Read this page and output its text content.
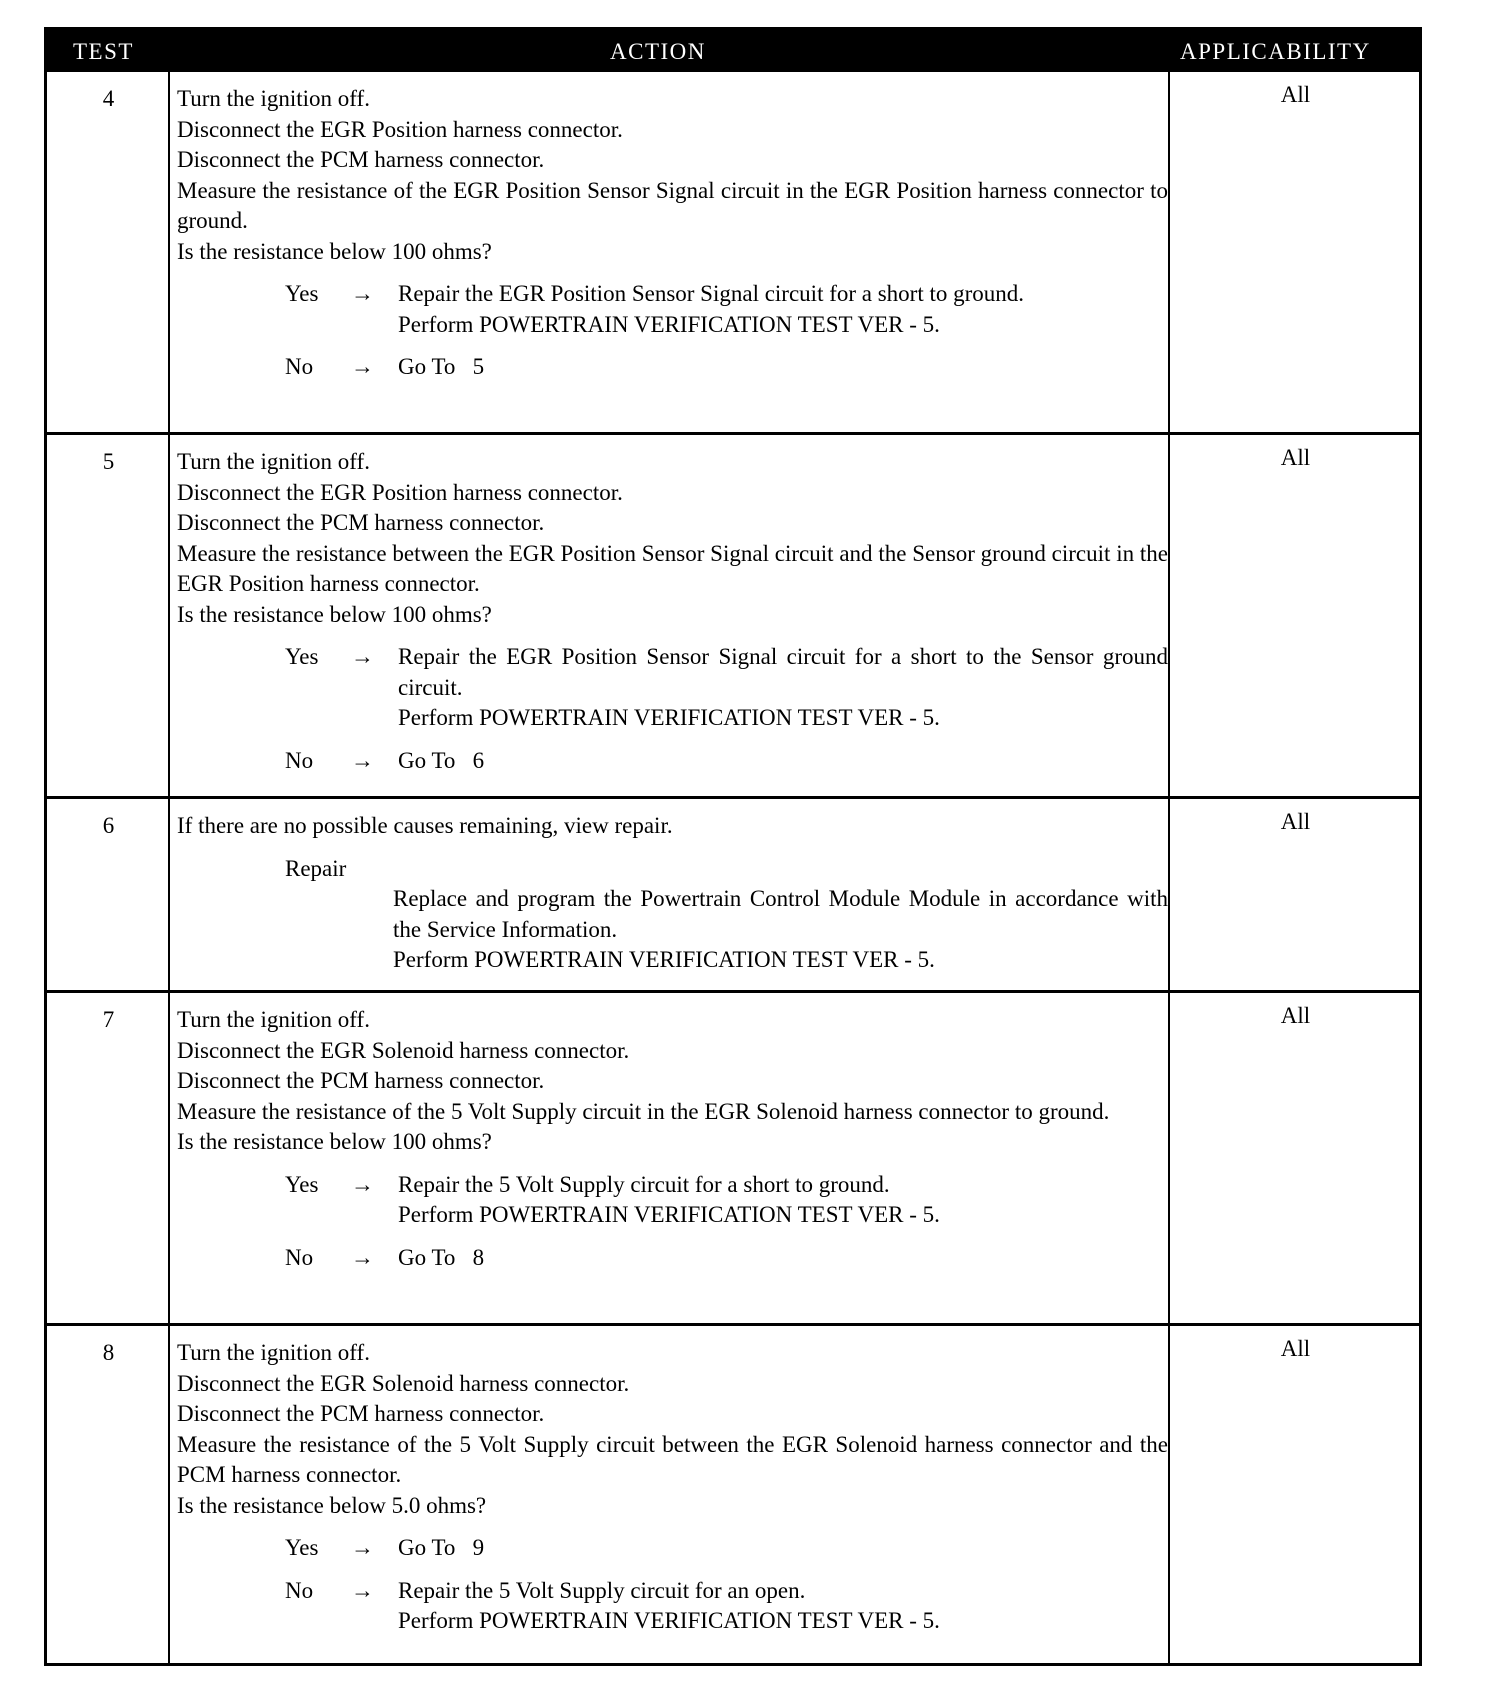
TEST	ACTION	APPLICABILITY
4	Turn the ignition off.

Disconnect the EGR Position harness connector.

Disconnect the PCM harness connector.

Measure the resistance of the EGR Position Sensor Signal circuit in the EGR Position harness connector to ground.

Is the resistance below 100 ohms?

Yes → Repair the EGR Position Sensor Signal circuit for a short to ground.

Perform POWERTRAIN VERIFICATION TEST VER - 5.

No → Go To   5

All
5	Turn the ignition off.

Disconnect the EGR Position harness connector.

Disconnect the PCM harness connector.

Measure the resistance between the EGR Position Sensor Signal circuit and the Sensor ground circuit in the EGR Position harness connector.

Is the resistance below 100 ohms?

Yes → Repair the EGR Position Sensor Signal circuit for a short to the Sensor ground circuit.

Perform POWERTRAIN VERIFICATION TEST VER - 5.

No → Go To   6

All
6	If there are no possible causes remaining, view repair.

Repair

Replace and program the Powertrain Control Module Module in accordance with the Service Information.

Perform POWERTRAIN VERIFICATION TEST VER - 5.

All
7	Turn the ignition off.

Disconnect the EGR Solenoid harness connector.

Disconnect the PCM harness connector.

Measure the resistance of the 5 Volt Supply circuit in the EGR Solenoid harness connector to ground.

Is the resistance below 100 ohms?

Yes → Repair the 5 Volt Supply circuit for a short to ground.

Perform POWERTRAIN VERIFICATION TEST VER - 5.

No → Go To   8

All
8	Turn the ignition off.

Disconnect the EGR Solenoid harness connector.

Disconnect the PCM harness connector.

Measure the resistance of the 5 Volt Supply circuit between the EGR Solenoid harness connector and the PCM harness connector.

Is the resistance below 5.0 ohms?

Yes → Go To   9

No → Repair the 5 Volt Supply circuit for an open.

Perform POWERTRAIN VERIFICATION TEST VER - 5.

All
